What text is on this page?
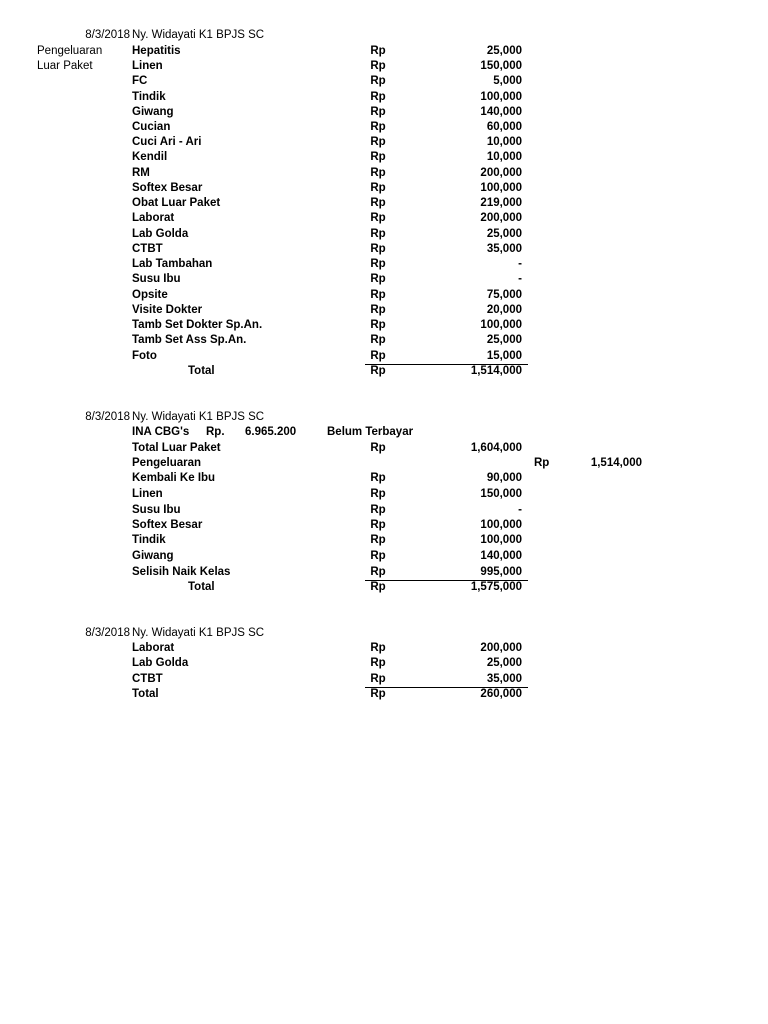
8/3/2018 Ny. Widayati K1 BPJS SC
Pengeluaran
Luar Paket
Hepatitis	Rp	25,000
Linen	Rp	150,000
FC	Rp	5,000
Tindik	Rp	100,000
Giwang	Rp	140,000
Cucian	Rp	60,000
Cuci Ari - Ari	Rp	10,000
Kendil	Rp	10,000
RM	Rp	200,000
Softex Besar	Rp	100,000
Obat Luar Paket	Rp	219,000
Laborat	Rp	200,000
Lab Golda	Rp	25,000
CTBT	Rp	35,000
Lab Tambahan	Rp	-
Susu Ibu	Rp	-
Opsite	Rp	75,000
Visite Dokter	Rp	20,000
Tamb Set Dokter Sp.An.	Rp	100,000
Tamb Set Ass Sp.An.	Rp	25,000
Foto	Rp	15,000
Total	Rp	1,514,000
8/3/2018 Ny. Widayati K1 BPJS SC
INA CBG's Rp. 6.965.200	Belum Terbayar
Total Luar Paket	Rp	1,604,000
Pengeluaran	Rp	1,514,000
Kembali Ke Ibu	Rp	90,000
Linen	Rp	150,000
Susu Ibu	Rp	-
Softex Besar	Rp	100,000
Tindik	Rp	100,000
Giwang	Rp	140,000
Selisih Naik Kelas	Rp	995,000
Total	Rp	1,575,000
8/3/2018 Ny. Widayati K1 BPJS SC
Laborat	Rp	200,000
Lab Golda	Rp	25,000
CTBT	Rp	35,000
Total	Rp	260,000
